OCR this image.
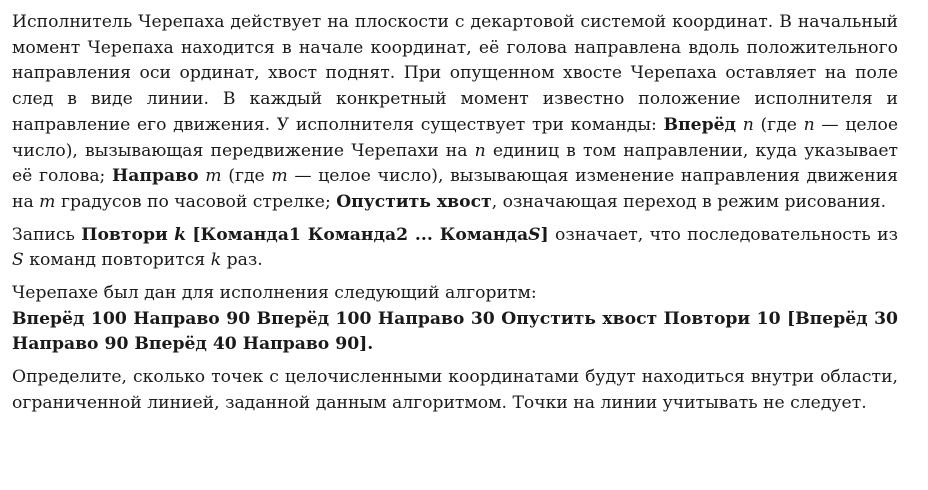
Исполнитель Черепаха действует на плоскости с декартовой системой координат. В начальный момент Черепаха находится в начале координат, её голова направлена вдоль положительного направления оси ординат, хвост поднят. При опущенном хвосте Черепаха оставляет на поле след в виде линии. В каждый конкретный момент известно положение исполнителя и направление его движения. У исполнителя существует три команды: Вперёд n (где n — целое число), вызывающая передвижение Черепахи на n единиц в том направлении, куда указывает её голова; Направо m (где m — целое число), вызывающая изменение направления движения на m градусов по часовой стрелке; Опустить хвост, означающая переход в режим рисования.

Запись Повтори k [Команда1 Команда2 ... КомандаS] означает, что последовательность из S команд повторится k раз.

Черепахе был дан для исполнения следующий алгоритм:
Вперёд 100 Направо 90 Вперёд 100 Направо 30 Опустить хвост Повтори 10 [Вперёд 30 Направо 90 Вперёд 40 Направо 90].

Определите, сколько точек с целочисленными координатами будут находиться внутри области, ограниченной линией, заданной данным алгоритмом. Точки на линии учитывать не следует.
